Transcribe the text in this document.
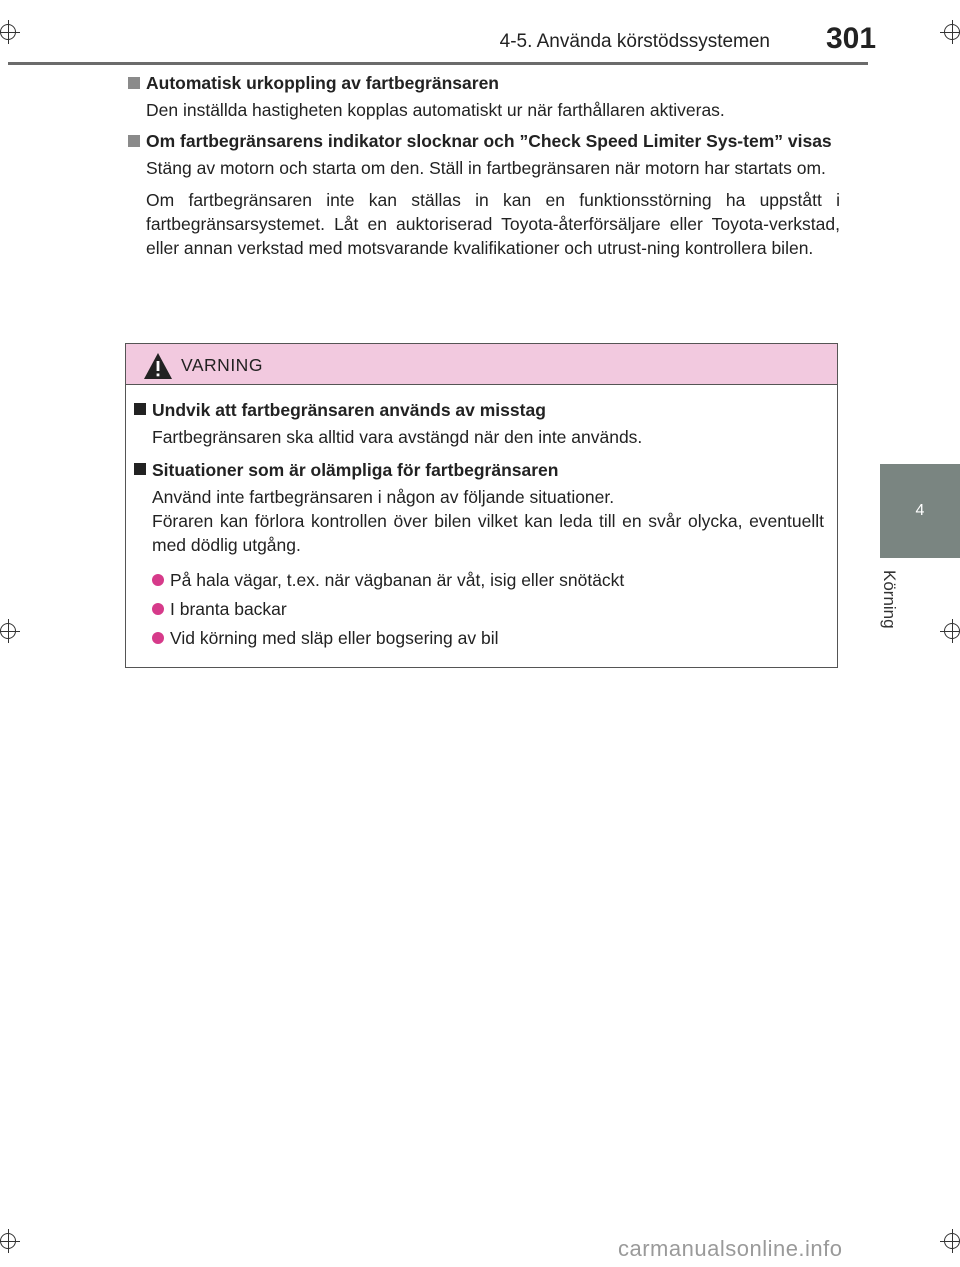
4-5. Använda körstödssystemen 301
4
Körning
Automatisk urkoppling av fartbegränsaren
Den inställda hastigheten kopplas automatiskt ur när farthållaren aktiveras.
Om fartbegränsarens indikator slocknar och ”Check Speed Limiter Sys-tem” visas
Stäng av motorn och starta om den. Ställ in fartbegränsaren när motorn har startats om.
Om fartbegränsaren inte kan ställas in kan en funktionsstörning ha uppstått i fartbegränsarsystemet. Låt en auktoriserad Toyota-återförsäljare eller Toyota-verkstad, eller annan verkstad med motsvarande kvalifikationer och utrust-ning kontrollera bilen.
VARNING
Undvik att fartbegränsaren används av misstag
Fartbegränsaren ska alltid vara avstängd när den inte används.
Situationer som är olämpliga för fartbegränsaren
Använd inte fartbegränsaren i någon av följande situationer.
Föraren kan förlora kontrollen över bilen vilket kan leda till en svår olycka, eventuellt med dödlig utgång.
På hala vägar, t.ex. när vägbanan är våt, isig eller snötäckt
I branta backar
Vid körning med släp eller bogsering av bil
carmanualsonline.info
